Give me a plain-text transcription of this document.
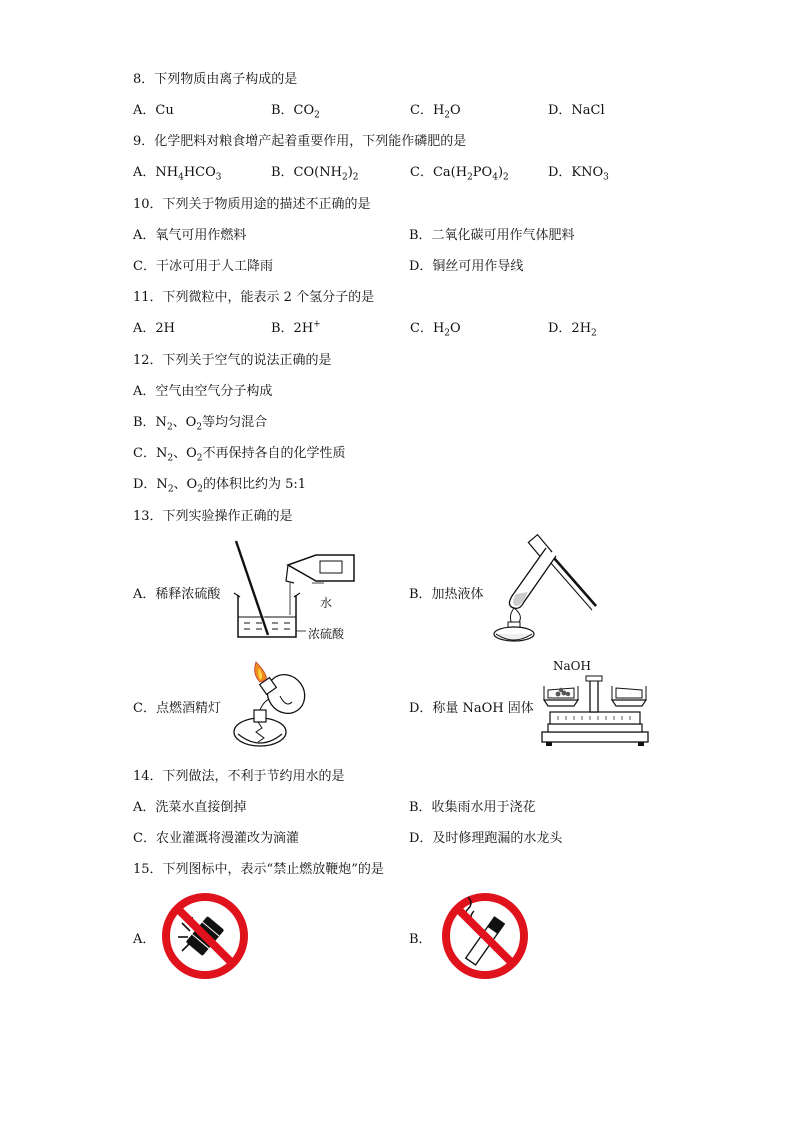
8．下列物质由离子构成的是
A．Cu	B．$CO_2$	C．$H_2O$	D．NaCl
9．化学肥料对粮食增产起着重要作用，下列能作磷肥的是
A．$NH_4HCO_3$	B．$CO(NH_2)_2$	C．$Ca(H_2PO_4)_2$	D．$KNO_3$
10．下列关于物质用途的描述不正确的是
A．氧气可用作燃料	B．二氧化碳可用作气体肥料
C．干冰可用于人工降雨	D．铜丝可用作导线
11．下列微粒中，能表示 2 个氢分子的是
A．2H	B．2H+	C．$H_2O$	D．$2H_2$
12．下列关于空气的说法正确的是
A．空气由空气分子构成
B．$N_2$、$O_2$等均匀混合
C．$N_2$、$O_2$不再保持各自的化学性质
D．$N_2$、$O_2$的体积比约为 5:1
13．下列实验操作正确的是
A．稀释浓硫酸
水
浓硫酸
B．加热液体
C．点燃酒精灯	D．称量 NaOH 固体
NaOH
14．下列做法，不利于节约用水的是
A．洗菜水直接倒掉	B．收集雨水用于浇花
C．农业灌溉将漫灌改为滴灌	D．及时修理跑漏的水龙头
15．下列图标中，表示“禁止燃放鞭炮”的是
A．	B．
